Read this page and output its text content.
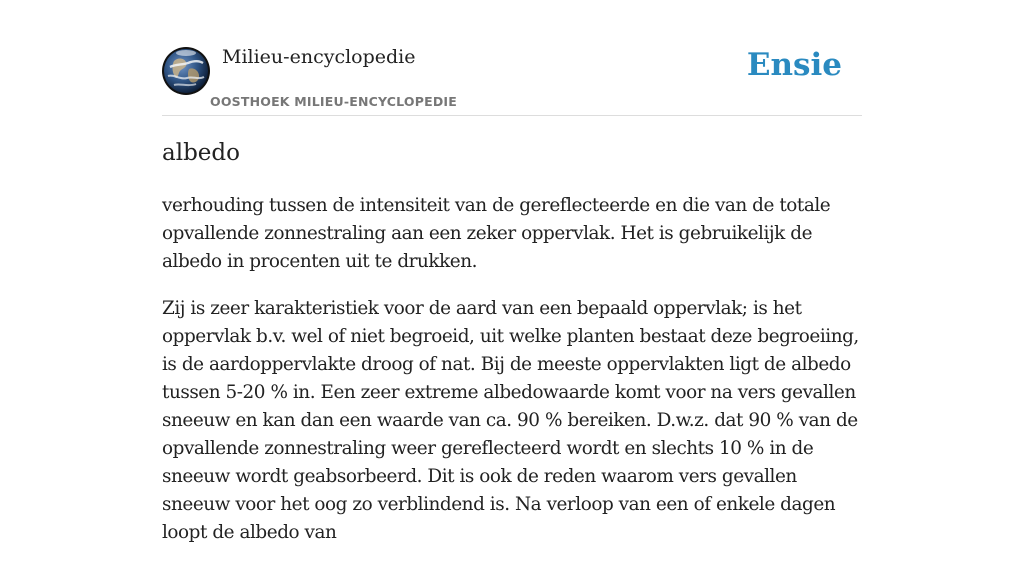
Milieu-encyclopedie
OOSTHOEK MILIEU-ENCYCLOPEDIE
Ensie
albedo

verhouding tussen de intensiteit van de gereflecteerde en die van de totale opvallende zonnestraling aan een zeker oppervlak. Het is gebruikelijk de albedo in procenten uit te drukken.

Zij is zeer karakteristiek voor de aard van een bepaald oppervlak; is het oppervlak b.v. wel of niet begroeid, uit welke planten bestaat deze begroeiing, is de aardoppervlakte droog of nat. Bij de meeste oppervlakten ligt de albedo tussen 5-20 % in. Een zeer extreme albedowaarde komt voor na vers gevallen sneeuw en kan dan een waarde van ca. 90 % bereiken. D.w.z. dat 90 % van de opvallende zonnestraling weer gereflecteerd wordt en slechts 10 % in de sneeuw wordt geabsorbeerd. Dit is ook de reden waarom vers gevallen sneeuw voor het oog zo verblindend is. Na verloop van een of enkele dagen loopt de albedo van
